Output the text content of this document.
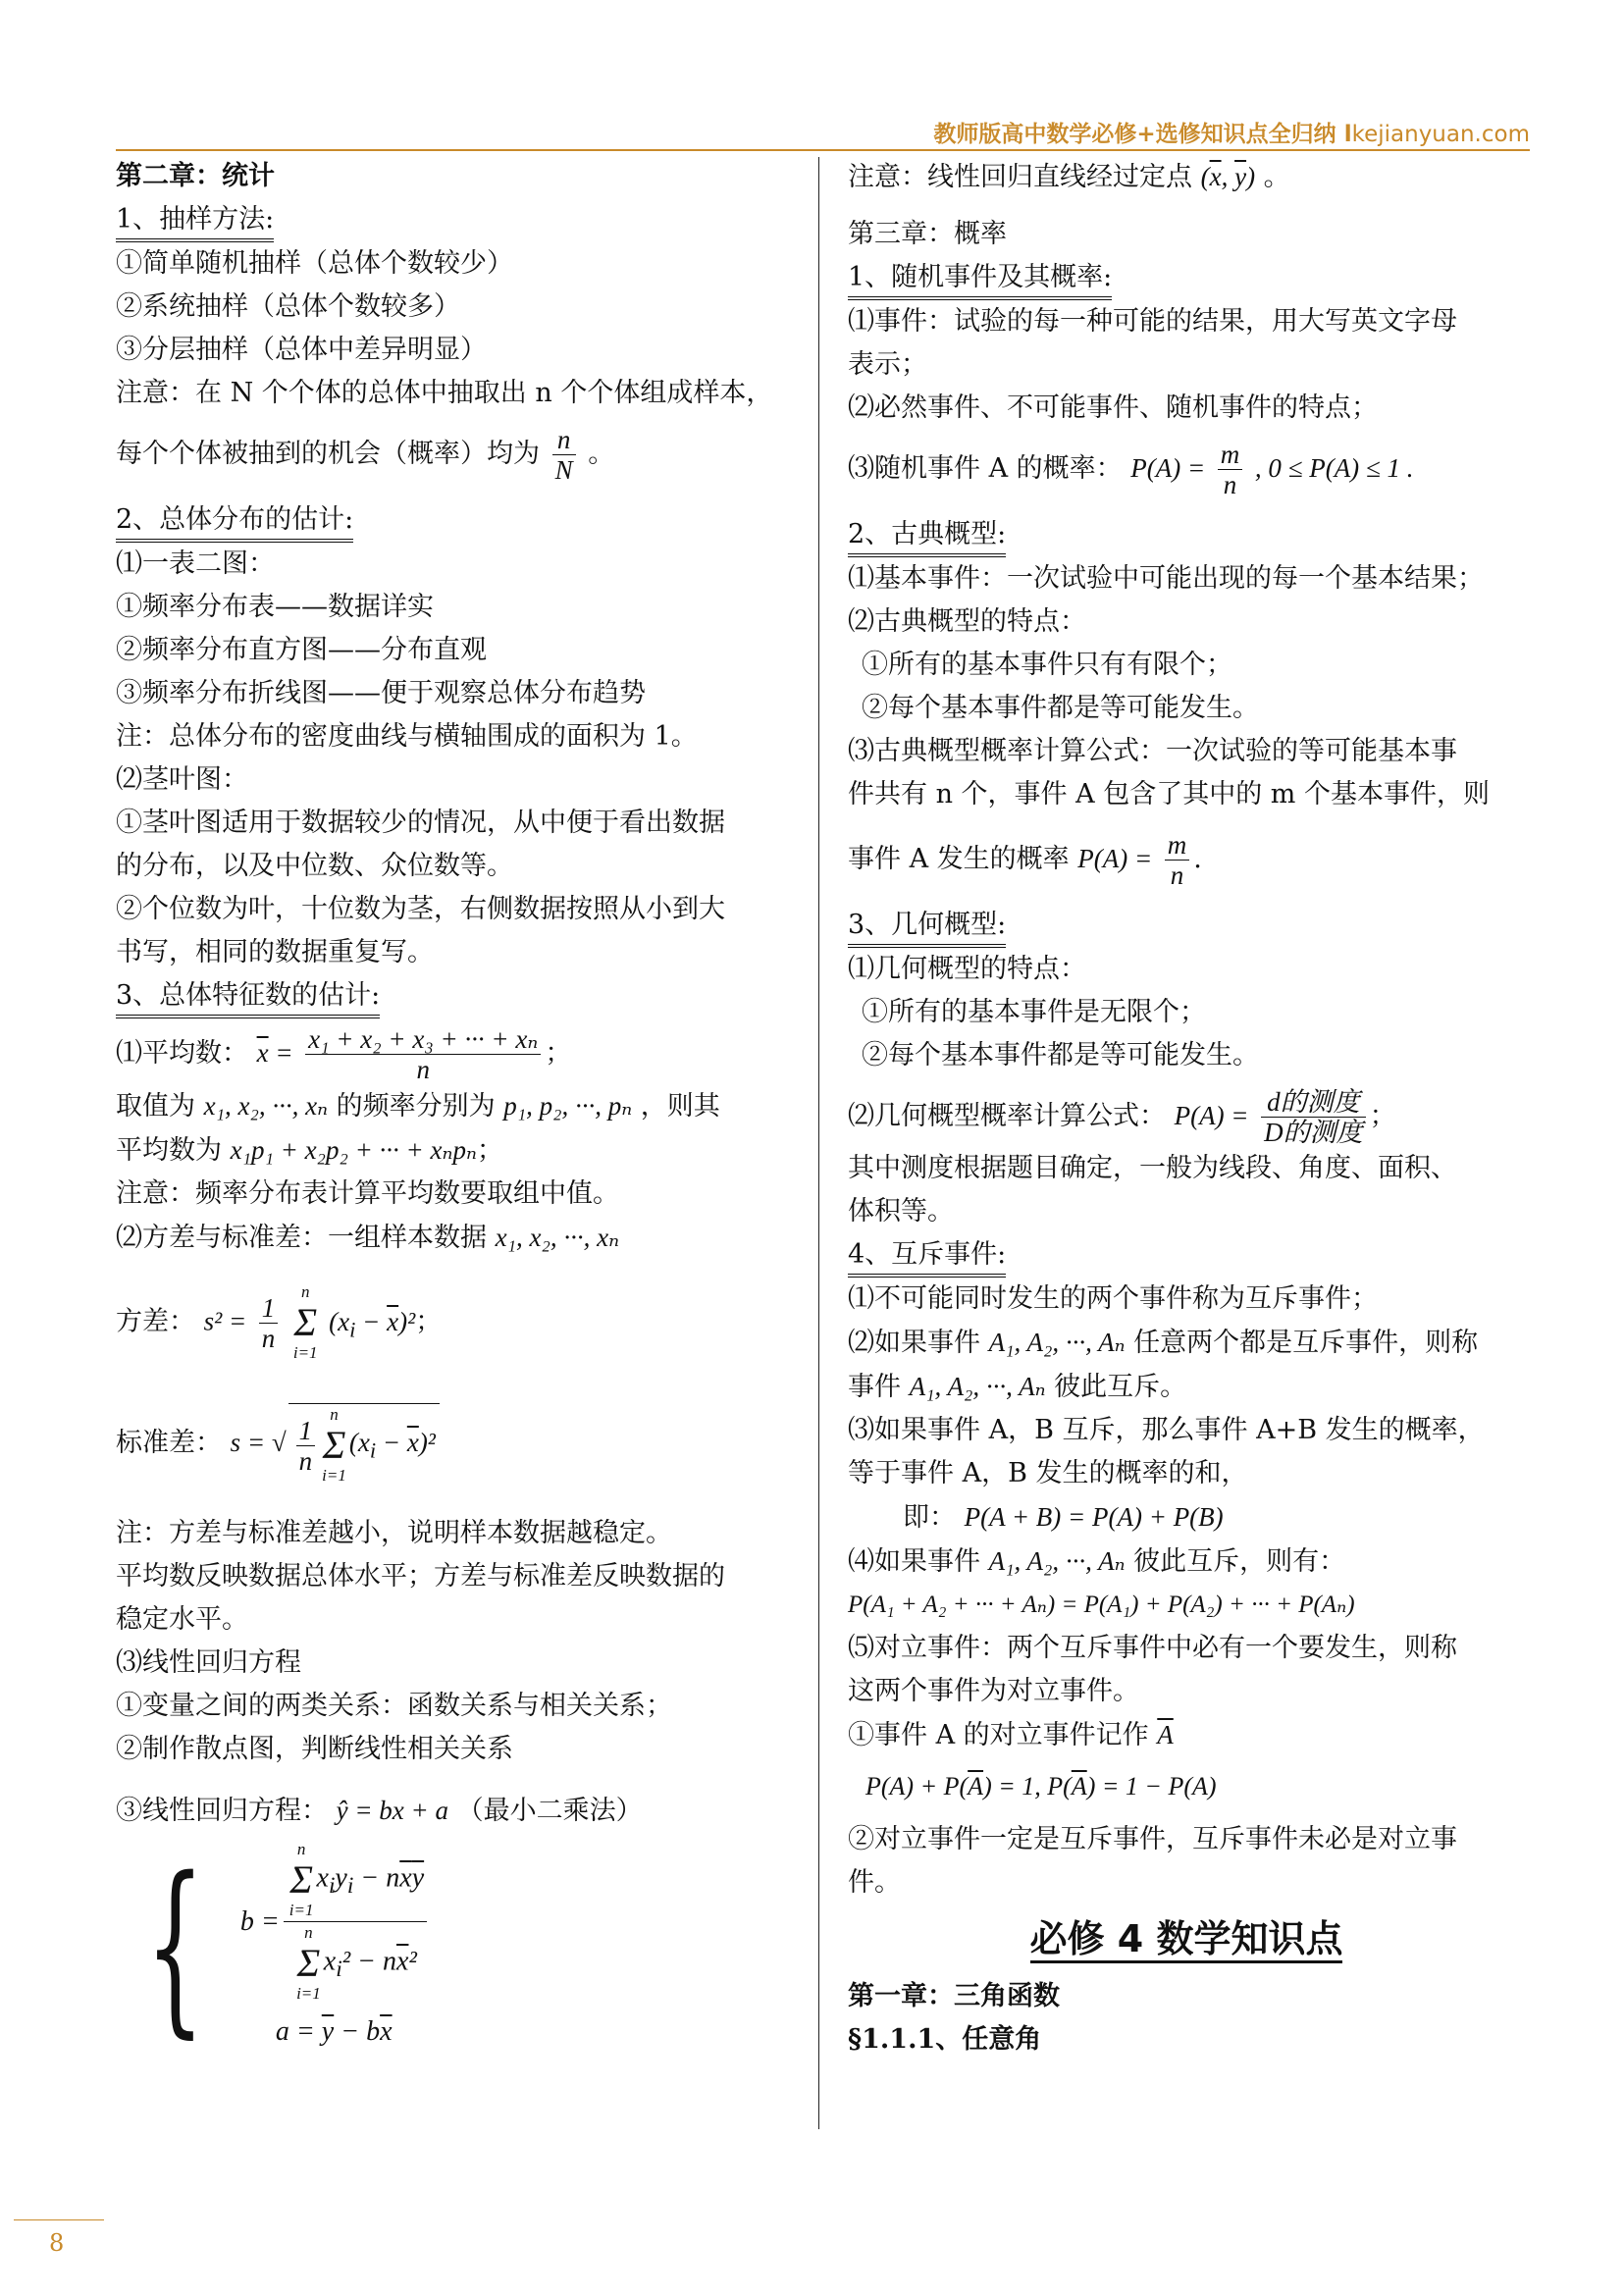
教师版高中数学必修+选修知识点全归纳 lkejianyuan.com
第二章：统计
1、抽样方法:
①简单随机抽样（总体个数较少）
②系统抽样（总体个数较多）
③分层抽样（总体中差异明显）
注意：在 N 个个体的总体中抽取出 n 个个体组成样本，
每个个体被抽到的机会（概率）均为 $\frac{n}{N}$ 。
2、总体分布的估计:
⑴一表二图：
①频率分布表——数据详实
②频率分布直方图——分布直观
③频率分布折线图——便于观察总体分布趋势
注：总体分布的密度曲线与横轴围成的面积为 1。
⑵茎叶图：
①茎叶图适用于数据较少的情况，从中便于看出数据
的分布，以及中位数、众位数等。
②个位数为叶，十位数为茎，右侧数据按照从小到大
书写，相同的数据重复写。
3、总体特征数的估计:
⑴平均数： $\overline{x} = \frac{\text{x₁ + x₂ + x₃ + ··· + xₙ}}{n}$ ；
取值为 x₁, x₂, ···, xₙ 的频率分别为 p₁, p₂, ···, pₙ ，则其
平均数为 x₁p₁ + x₂p₂ + ··· + xₙpₙ；
注意：频率分布表计算平均数要取组中值。
⑵方差与标准差：一组样本数据 x₁, x₂, ···, xₙ
方差： $s^2 = \frac{1}{n}$

n
Σ
i=1
$(x_i - \overline{x})^2$；
标准差： s = √ $\frac{1}{n}$
n
Σ
i=1
$(x_i - \overline{x})^2$
注：方差与标准差越小，说明样本数据越稳定。
平均数反映数据总体水平；方差与标准差反映数据的
稳定水平。
⑶线性回归方程
①变量之间的两类关系：函数关系与相关关系；
②制作散点图，判断线性相关关系
③线性回归方程： ŷ = bx + a （最小二乘法）
{ b = n
Σ
i=1
$x_iy_i - n\overline{x}\overline{y}$
n
Σ
i=1
$x_i^2 - n\overline{x}^2$
$a = \overline{y} - b\overline{x}$
注意：线性回归直线经过定点 ($\overline{x}$, $\overline{y}$) 。
第三章：概率
1、随机事件及其概率:
⑴事件：试验的每一种可能的结果，用大写英文字母
表示；
⑵必然事件、不可能事件、随机事件的特点；
⑶随机事件 A 的概率： $P(A) = \frac{m}{n}$ , 0 ≤ P(A) ≤ 1 .
2、古典概型:
⑴基本事件：一次试验中可能出现的每一个基本结果；
⑵古典概型的特点：
①所有的基本事件只有有限个；
②每个基本事件都是等可能发生。
⑶古典概型概率计算公式：一次试验的等可能基本事
件共有 n 个，事件 A 包含了其中的 m 个基本事件，则
事件 A 发生的概率 $P(A) = \frac{m}{n}$ .
3、几何概型:
⑴几何概型的特点：
①所有的基本事件是无限个；
②每个基本事件都是等可能发生。
⑵几何概型概率计算公式： $P(A) = \frac{\text{d的测度}}{\text{D的测度}}$ ；
其中测度根据题目确定，一般为线段、角度、面积、
体积等。
4、互斥事件:
⑴不可能同时发生的两个事件称为互斥事件；
⑵如果事件 A₁, A₂, ···, Aₙ 任意两个都是互斥事件，则称
事件 A₁, A₂, ···, Aₙ 彼此互斥。
⑶如果事件 A，B 互斥，那么事件 A+B 发生的概率，
等于事件 A，B 发生的概率的和，
即： P(A + B) = P(A) + P(B)
⑷如果事件 A₁, A₂, ···, Aₙ 彼此互斥，则有：
P(A₁ + A₂ + ··· + Aₙ) = P(A₁) + P(A₂) + ··· + P(Aₙ)
⑸对立事件：两个互斥事件中必有一个要发生，则称
这两个事件为对立事件。
①事件 A 的对立事件记作 $\overline{A}$
$P(A) + P(\overline{A}) = 1$, $P(\overline{A}) = 1 - P(A)$
②对立事件一定是互斥事件，互斥事件未必是对立事
件。
必修 4 数学知识点
第一章：三角函数
§1.1.1、任意角
8
